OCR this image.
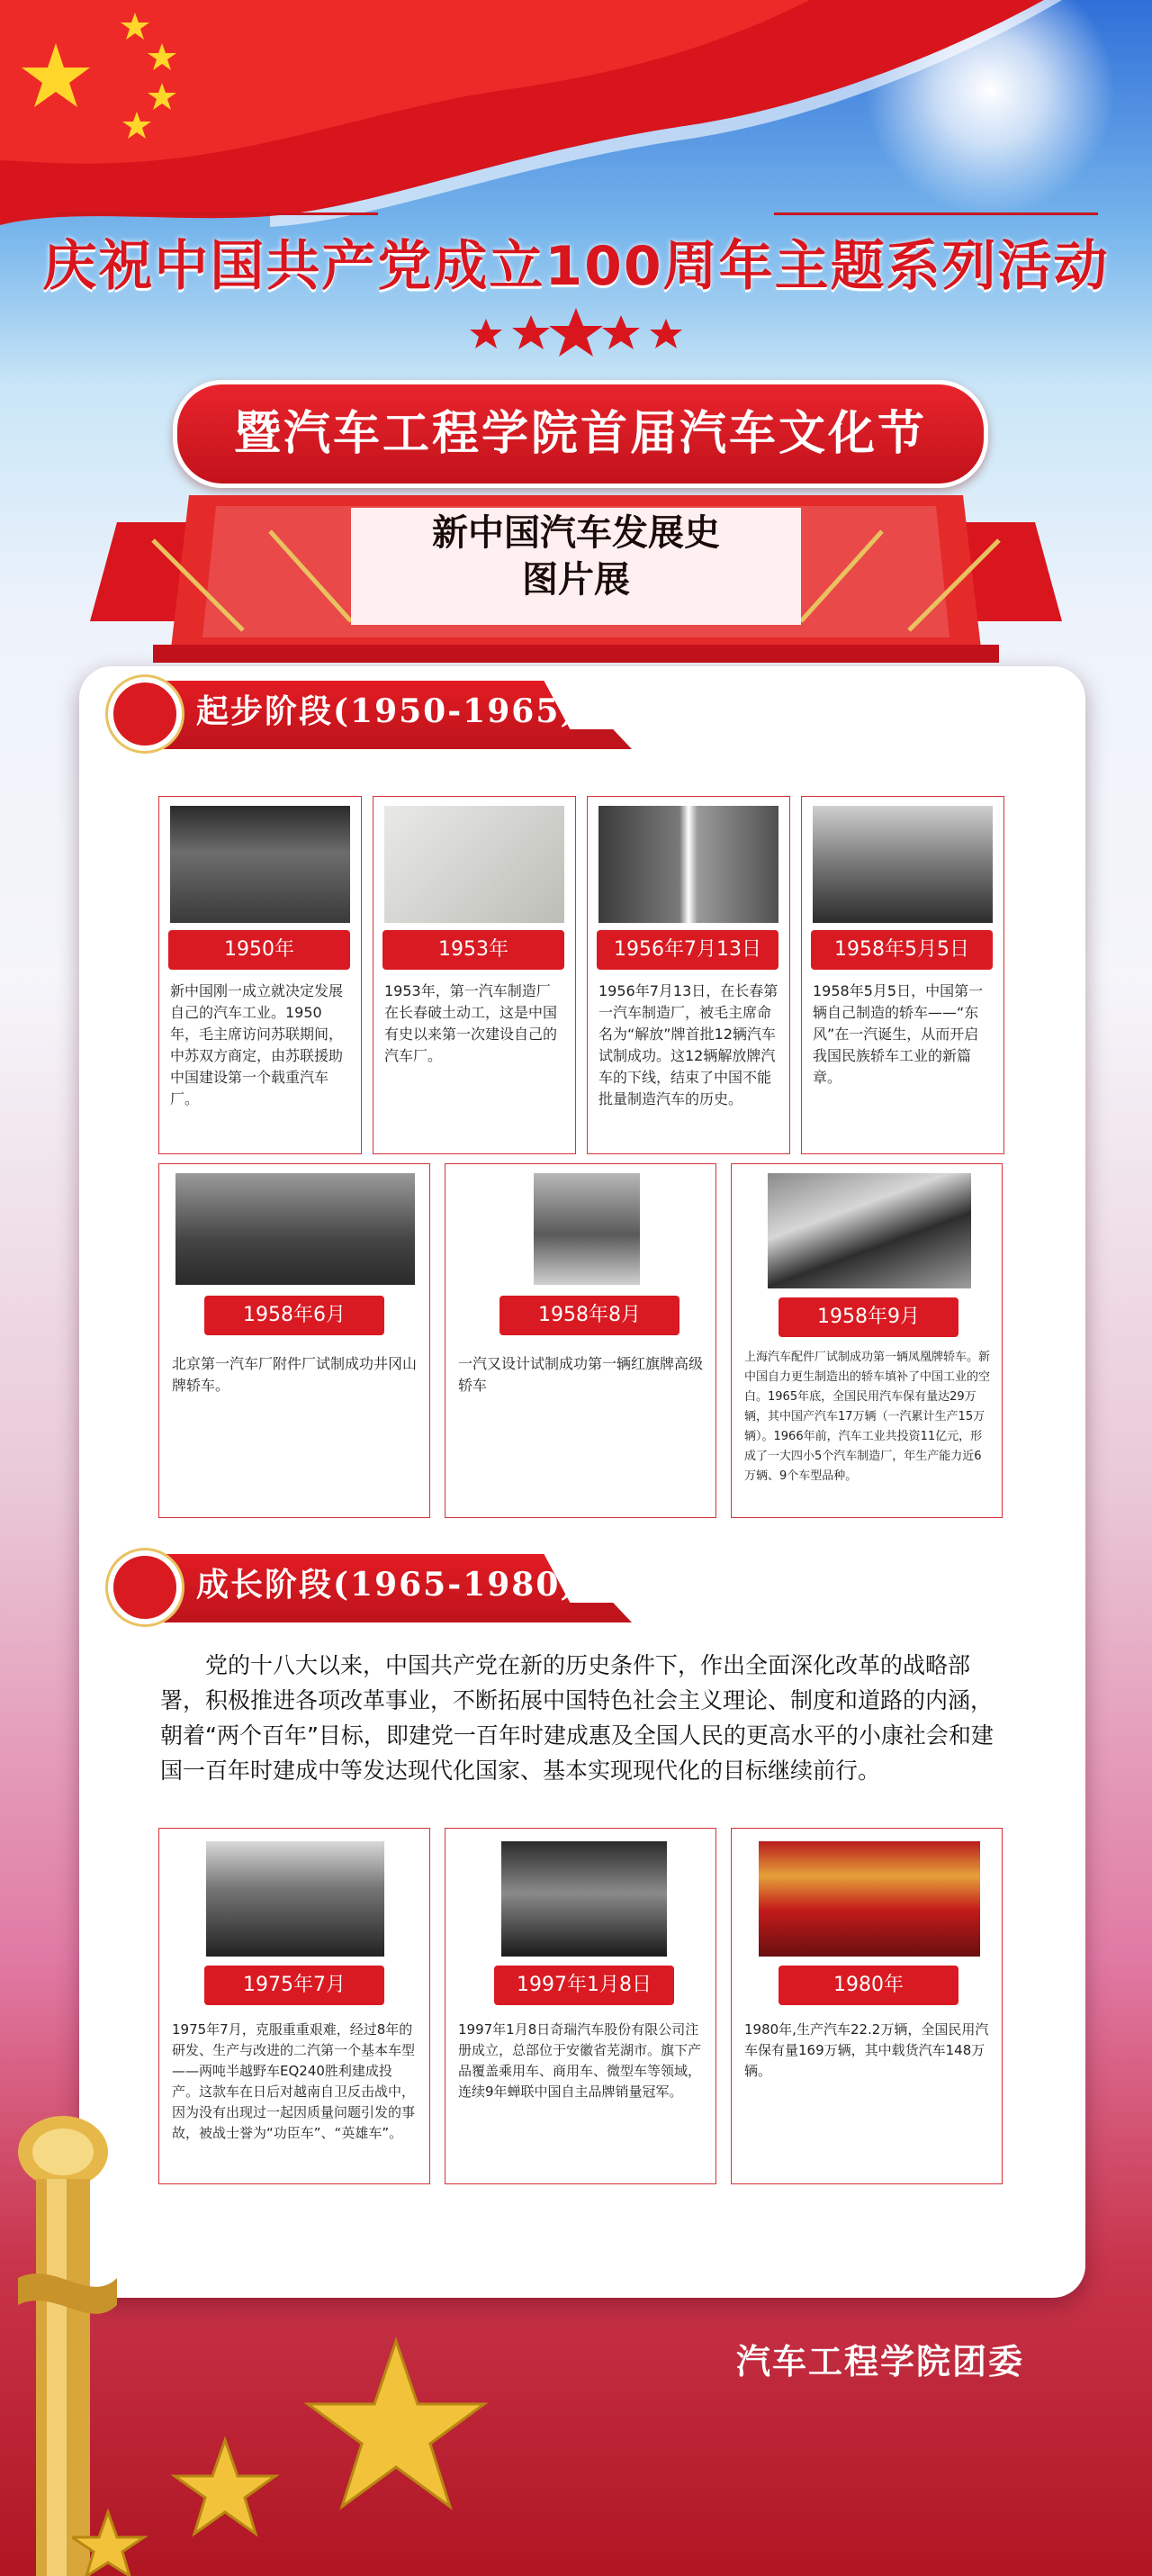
庆祝中国共产党成立100周年主题系列活动
暨汽车工程学院首届汽车文化节
新中国汽车发展史
图片展
起步阶段(1950-1965)
1950年
新中国刚一成立就决定发展自己的汽车工业。1950年，毛主席访问苏联期间，中苏双方商定，由苏联援助中国建设第一个载重汽车厂。
1953年
1953年，第一汽车制造厂在长春破土动工，这是中国有史以来第一次建设自己的汽车厂。
1956年7月13日
1956年7月13日，在长春第一汽车制造厂，被毛主席命名为“解放”牌首批12辆汽车试制成功。这12辆解放牌汽车的下线，结束了中国不能批量制造汽车的历史。
1958年5月5日
1958年5月5日，中国第一辆自己制造的轿车——“东风”在一汽诞生，从而开启我国民族轿车工业的新篇章。
1958年6月
北京第一汽车厂附件厂试制成功井冈山牌轿车。
1958年8月
一汽又设计试制成功第一辆红旗牌高级轿车
1958年9月
上海汽车配件厂试制成功第一辆凤凰牌轿车。新中国自力更生制造出的轿车填补了中国工业的空白。1965年底，全国民用汽车保有量达29万辆，其中国产汽车17万辆（一汽累计生产15万辆）。1966年前，汽车工业共投资11亿元，形成了一大四小5个汽车制造厂，年生产能力近6万辆、9个车型品种。
成长阶段(1965-1980)
党的十八大以来，中国共产党在新的历史条件下，作出全面深化改革的战略部署，积极推进各项改革事业，不断拓展中国特色社会主义理论、制度和道路的内涵，朝着“两个百年”目标，即建党一百年时建成惠及全国人民的更高水平的小康社会和建国一百年时建成中等发达现代化国家、基本实现现代化的目标继续前行。
1975年7月
1975年7月，克服重重艰难，经过8年的研发、生产与改进的二汽第一个基本车型——两吨半越野车EQ240胜利建成投产。这款车在日后对越南自卫反击战中，因为没有出现过一起因质量问题引发的事故，被战士誉为“功臣车”、“英雄车”。
1997年1月8日
1997年1月8日奇瑞汽车股份有限公司注册成立，总部位于安徽省芜湖市。旗下产品覆盖乘用车、商用车、微型车等领域，连续9年蝉联中国自主品牌销量冠军。
1980年
1980年,生产汽车22.2万辆，全国民用汽车保有量169万辆，其中载货汽车148万辆。
汽车工程学院团委
